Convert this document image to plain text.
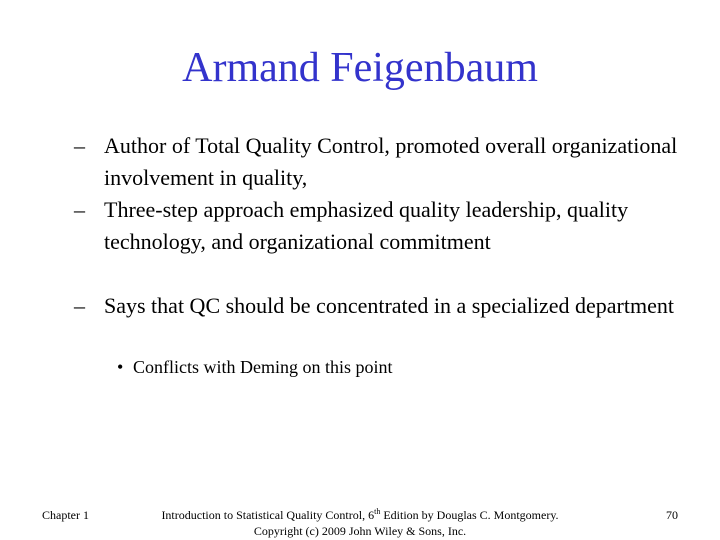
Armand Feigenbaum
– Author of Total Quality Control, promoted overall organizational involvement in quality,
– Three-step approach emphasized quality leadership, quality technology, and organizational commitment
– Says that QC should be concentrated in a specialized department
• Conflicts with Deming on this point
Chapter 1	Introduction to Statistical Quality Control, 6th Edition by Douglas C. Montgomery.
Copyright (c) 2009 John Wiley & Sons, Inc.
70
